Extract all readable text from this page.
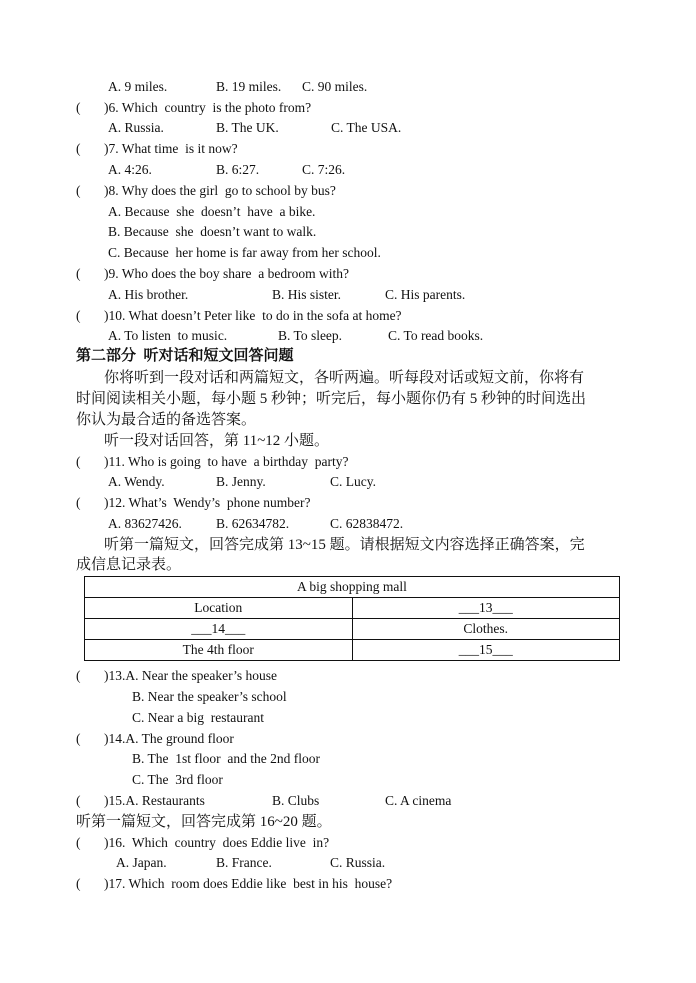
A. 9 miles.	B. 19 miles. C. 90 miles.
( )6. Which  country  is the photo from?
A. Russia.	B. The UK.	C. The USA.
( )7. What time  is it now?
A. 4:26.	B. 6:27.	C. 7:26.
( )8. Why does the girl  go to school by bus?
A. Because  she  doesn’t  have  a bike.
B. Because  she  doesn’t want to walk.
C. Because  her home is far away from her school.
( )9. Who does the boy share  a bedroom with?
A. His brother.	B. His sister.	C. His parents.
( )10. What doesn’t Peter like  to do in the sofa at home?
A. To listen  to music.	B. To sleep.	C. To read books.
第二部分  听对话和短文回答问题
你将听到一段对话和两篇短文，各听两遍。听每段对话或短文前，你将有
时间阅读相关小题，每小题 5 秒钟；听完后，每小题你仍有 5 秒钟的时间选出
你认为最合适的备选答案。
听一段对话回答，第 11~12 小题。
( )11. Who is going  to have  a birthday  party?
A. Wendy.	B. Jenny.	C. Lucy.
( )12. What’s  Wendy’s  phone number?
A. 83627426.	B. 62634782.	C. 62838472.
听第一篇短文，回答完成第 13~15 题。请根据短文内容选择正确答案，完
成信息记录表。
A big shopping mall	
Location	___13___
___14___	Clothes.
The 4th floor	___15___
( )13.A. Near the speaker’s house
B. Near the speaker’s school
C. Near a big  restaurant
( )14.A. The ground floor
B. The  1st floor  and the 2nd floor
C. The  3rd floor
( )15.A. Restaurants	B. Clubs	C. A cinema
听第一篇短文，回答完成第 16~20 题。
( )16.  Which  country  does Eddie live  in?
A. Japan.	B. France.	C. Russia.
( )17. Which  room does Eddie like  best in his  house?
